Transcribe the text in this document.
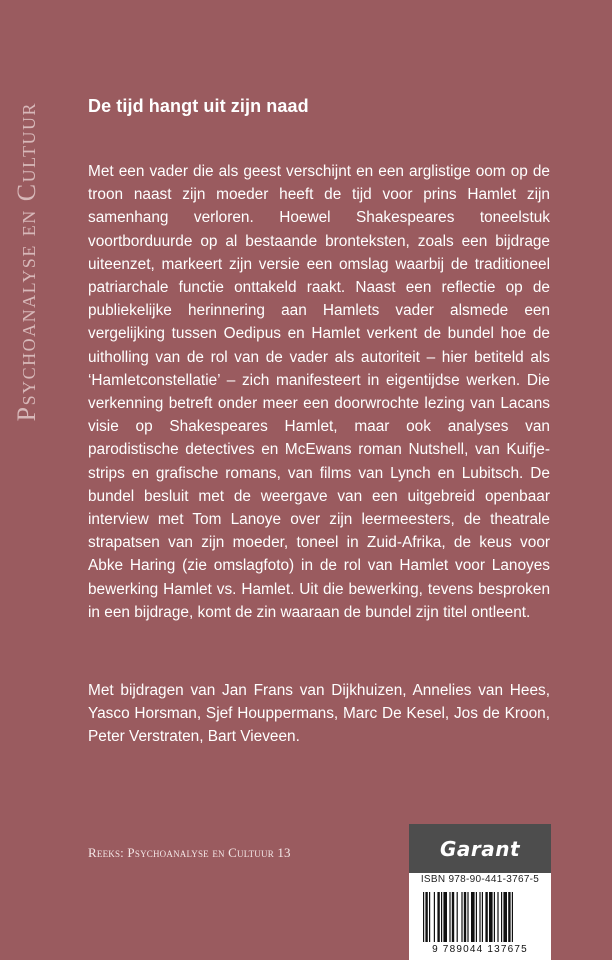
Psychoanalyse en Cultuur	De tijd hangt uit zijn naad
Met een vader die als geest verschijnt en een arglistige oom op de troon naast zijn moeder heeft de tijd voor prins Hamlet zijn samenhang verloren. Hoewel Shakespeares toneelstuk voortborduurde op al bestaande bronteksten, zoals een bijdrage uiteenzet, markeert zijn versie een omslag waarbij de traditioneel patriarchale functie onttakeld raakt. Naast een reflectie op de publiekelijke herinnering aan Hamlets vader alsmede een vergelijking tussen Oedipus en Hamlet verkent de bundel hoe de uitholling van de rol van de vader als autoriteit – hier betiteld als ‘Hamletconstellatie’ – zich manifesteert in eigentijdse werken. Die verkenning betreft onder meer een doorwrochte lezing van Lacans visie op Shakespeares Hamlet, maar ook analyses van parodistische detectives en McEwans roman Nutshell, van Kuifje-strips en grafische romans, van films van Lynch en Lubitsch. De bundel besluit met de weergave van een uitgebreid openbaar interview met Tom Lanoye over zijn leermeesters, de theatrale strapatsen van zijn moeder, toneel in Zuid-Afrika, de keus voor Abke Haring (zie omslagfoto) in de rol van Hamlet voor Lanoyes bewerking Hamlet vs. Hamlet. Uit die bewerking, tevens besproken in een bijdrage, komt de zin waaraan de bundel zijn titel ontleent.
Met bijdragen van Jan Frans van Dijkhuizen, Annelies van Hees, Yasco Horsman, Sjef Houppermans, Marc De Kesel, Jos de Kroon, Peter Verstraten, Bart Vieveen.
Reeks: Psychoanalyse en Cultuur 13	Garant
ISBN 978-90-441-3767-5
9 789044 137675
